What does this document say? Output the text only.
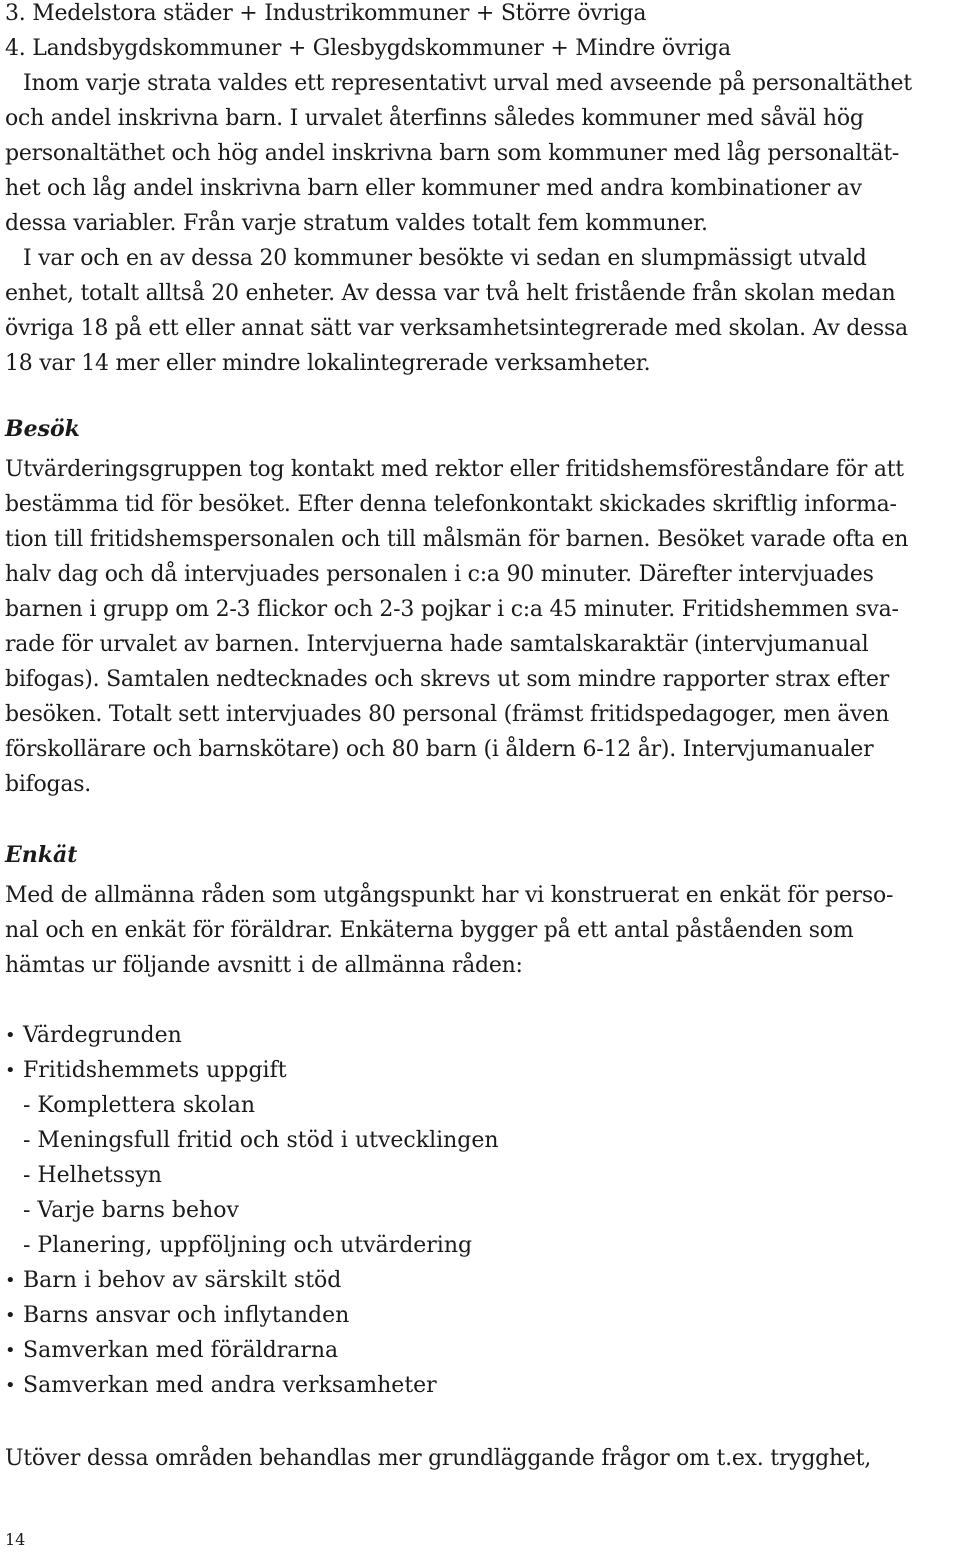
3. Medelstora städer + Industrikommuner + Större övriga
4. Landsbygdskommuner + Glesbygdskommuner + Mindre övriga
Inom varje strata valdes ett representativt urval med avseende på personaltäthet
och andel inskrivna barn. I urvalet återfinns således kommuner med såväl hög
personaltäthet och hög andel inskrivna barn som kommuner med låg personaltät-
het och låg andel inskrivna barn eller kommuner med andra kombinationer av
dessa variabler. Från varje stratum valdes totalt fem kommuner.
I var och en av dessa 20 kommuner besökte vi sedan en slumpmässigt utvald
enhet, totalt alltså 20 enheter. Av dessa var två helt fristående från skolan medan
övriga 18 på ett eller annat sätt var verksamhetsintegrerade med skolan. Av dessa
18 var 14 mer eller mindre lokalintegrerade verksamheter.
Besök
Utvärderingsgruppen tog kontakt med rektor eller fritidshemsföreståndare för att
bestämma tid för besöket. Efter denna telefonkontakt skickades skriftlig informa-
tion till fritidshemspersonalen och till målsmän för barnen. Besöket varade ofta en
halv dag och då intervjuades personalen i c:a 90 minuter. Därefter intervjuades
barnen i grupp om 2-3 flickor och 2-3 pojkar i c:a 45 minuter. Fritidshemmen sva-
rade för urvalet av barnen. Intervjuerna hade samtalskaraktär (intervjumanual
bifogas). Samtalen nedtecknades och skrevs ut som mindre rapporter strax efter
besöken. Totalt sett intervjuades 80 personal (främst fritidspedagoger, men även
förskollärare och barnskötare) och 80 barn (i åldern 6-12 år). Intervjumanualer
bifogas.
Enkät
Med de allmänna råden som utgångspunkt har vi konstruerat en enkät för perso-
nal och en enkät för föräldrar. Enkäterna bygger på ett antal påståenden som
hämtas ur följande avsnitt i de allmänna råden:
• Värdegrunden
• Fritidshemmets uppgift
- Komplettera skolan
- Meningsfull fritid och stöd i utvecklingen
- Helhetssyn
- Varje barns behov
- Planering, uppföljning och utvärdering
• Barn i behov av särskilt stöd
• Barns ansvar och inflytanden
• Samverkan med föräldrarna
• Samverkan med andra verksamheter
Utöver dessa områden behandlas mer grundläggande frågor om t.ex. trygghet,
14
